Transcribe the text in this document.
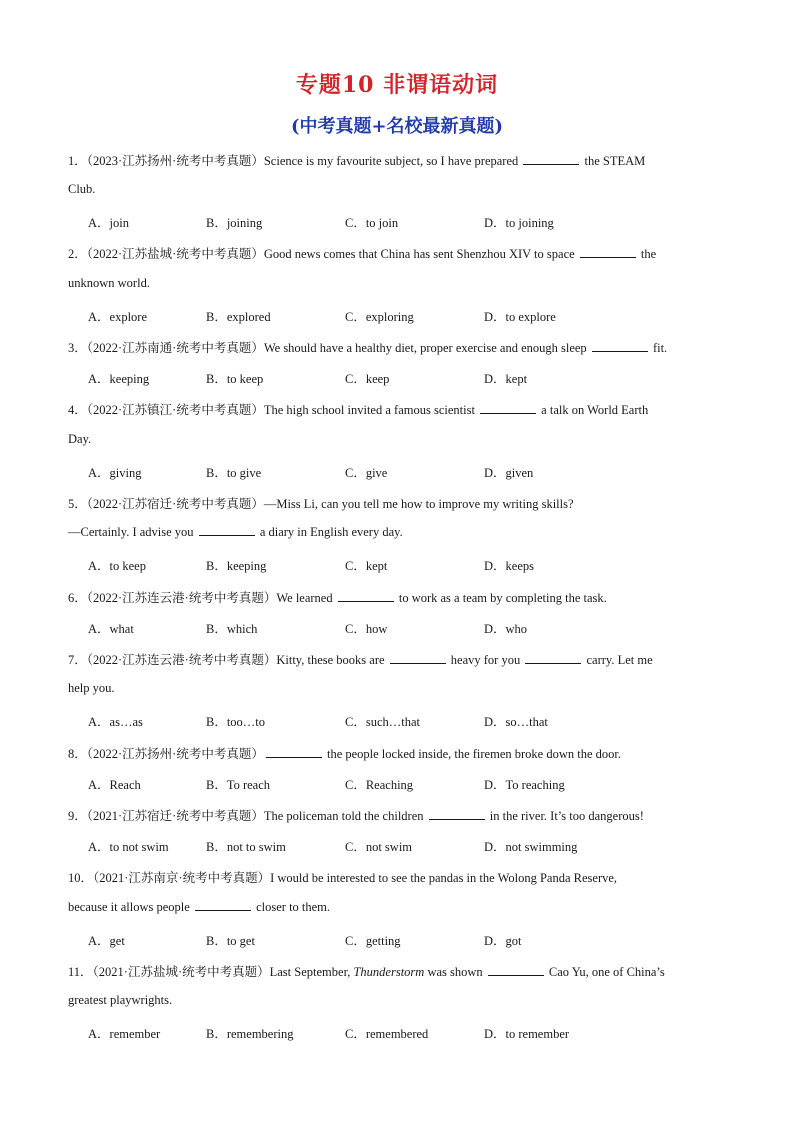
专题10 非谓语动词
(中考真题+名校最新真题)
1．（2023·江苏扬州·统考中考真题）Science is my favourite subject, so I have prepared	the STEAM
Club.
A．join	B．joining	C．to join	D．to joining
2．（2022·江苏盐城·统考中考真题）Good news comes that China has sent Shenzhou XIV to space	the
unknown world.
A．explore	B．explored	C．exploring	D．to explore
3．（2022·江苏南通·统考中考真题）We should have a healthy diet, proper exercise and enough sleep	fit.
A．keeping	B．to keep	C．keep	D．kept
4．（2022·江苏镇江·统考中考真题）The high school invited a famous scientist	a talk on World Earth
Day.
A．giving	B．to give	C．give	D．given
5．（2022·江苏宿迁·统考中考真题）—Miss Li, can you tell me how to improve my writing skills?
—Certainly. I advise you	a diary in English every day.
A．to keep	B．keeping	C．kept	D．keeps
6．（2022·江苏连云港·统考中考真题）We learned	to work as a team by completing the task.
A．what	B．which	C．how	D．who
7．（2022·江苏连云港·统考中考真题）Kitty, these books are	heavy for you	carry. Let me
help you.
A．as…as	B．too…to	C．such…that	D．so…that
8．（2022·江苏扬州·统考中考真题）	the people locked inside, the firemen broke down the door.
A．Reach	B．To reach	C．Reaching	D．To reaching
9．（2021·江苏宿迁·统考中考真题）The policeman told the children	in the river. It’s too dangerous!
A．to not swim	B．not to swim	C．not swim	D．not swimming
10．（2021·江苏南京·统考中考真题）I would be interested to see the pandas in the Wolong Panda Reserve,
because it allows people	closer to them.
A．get	B．to get	C．getting	D．got
11．（2021·江苏盐城·统考中考真题）Last September, Thunderstorm was shown	Cao Yu, one of China’s
greatest playwrights.
A．remember	B．remembering	C．remembered	D．to remember
